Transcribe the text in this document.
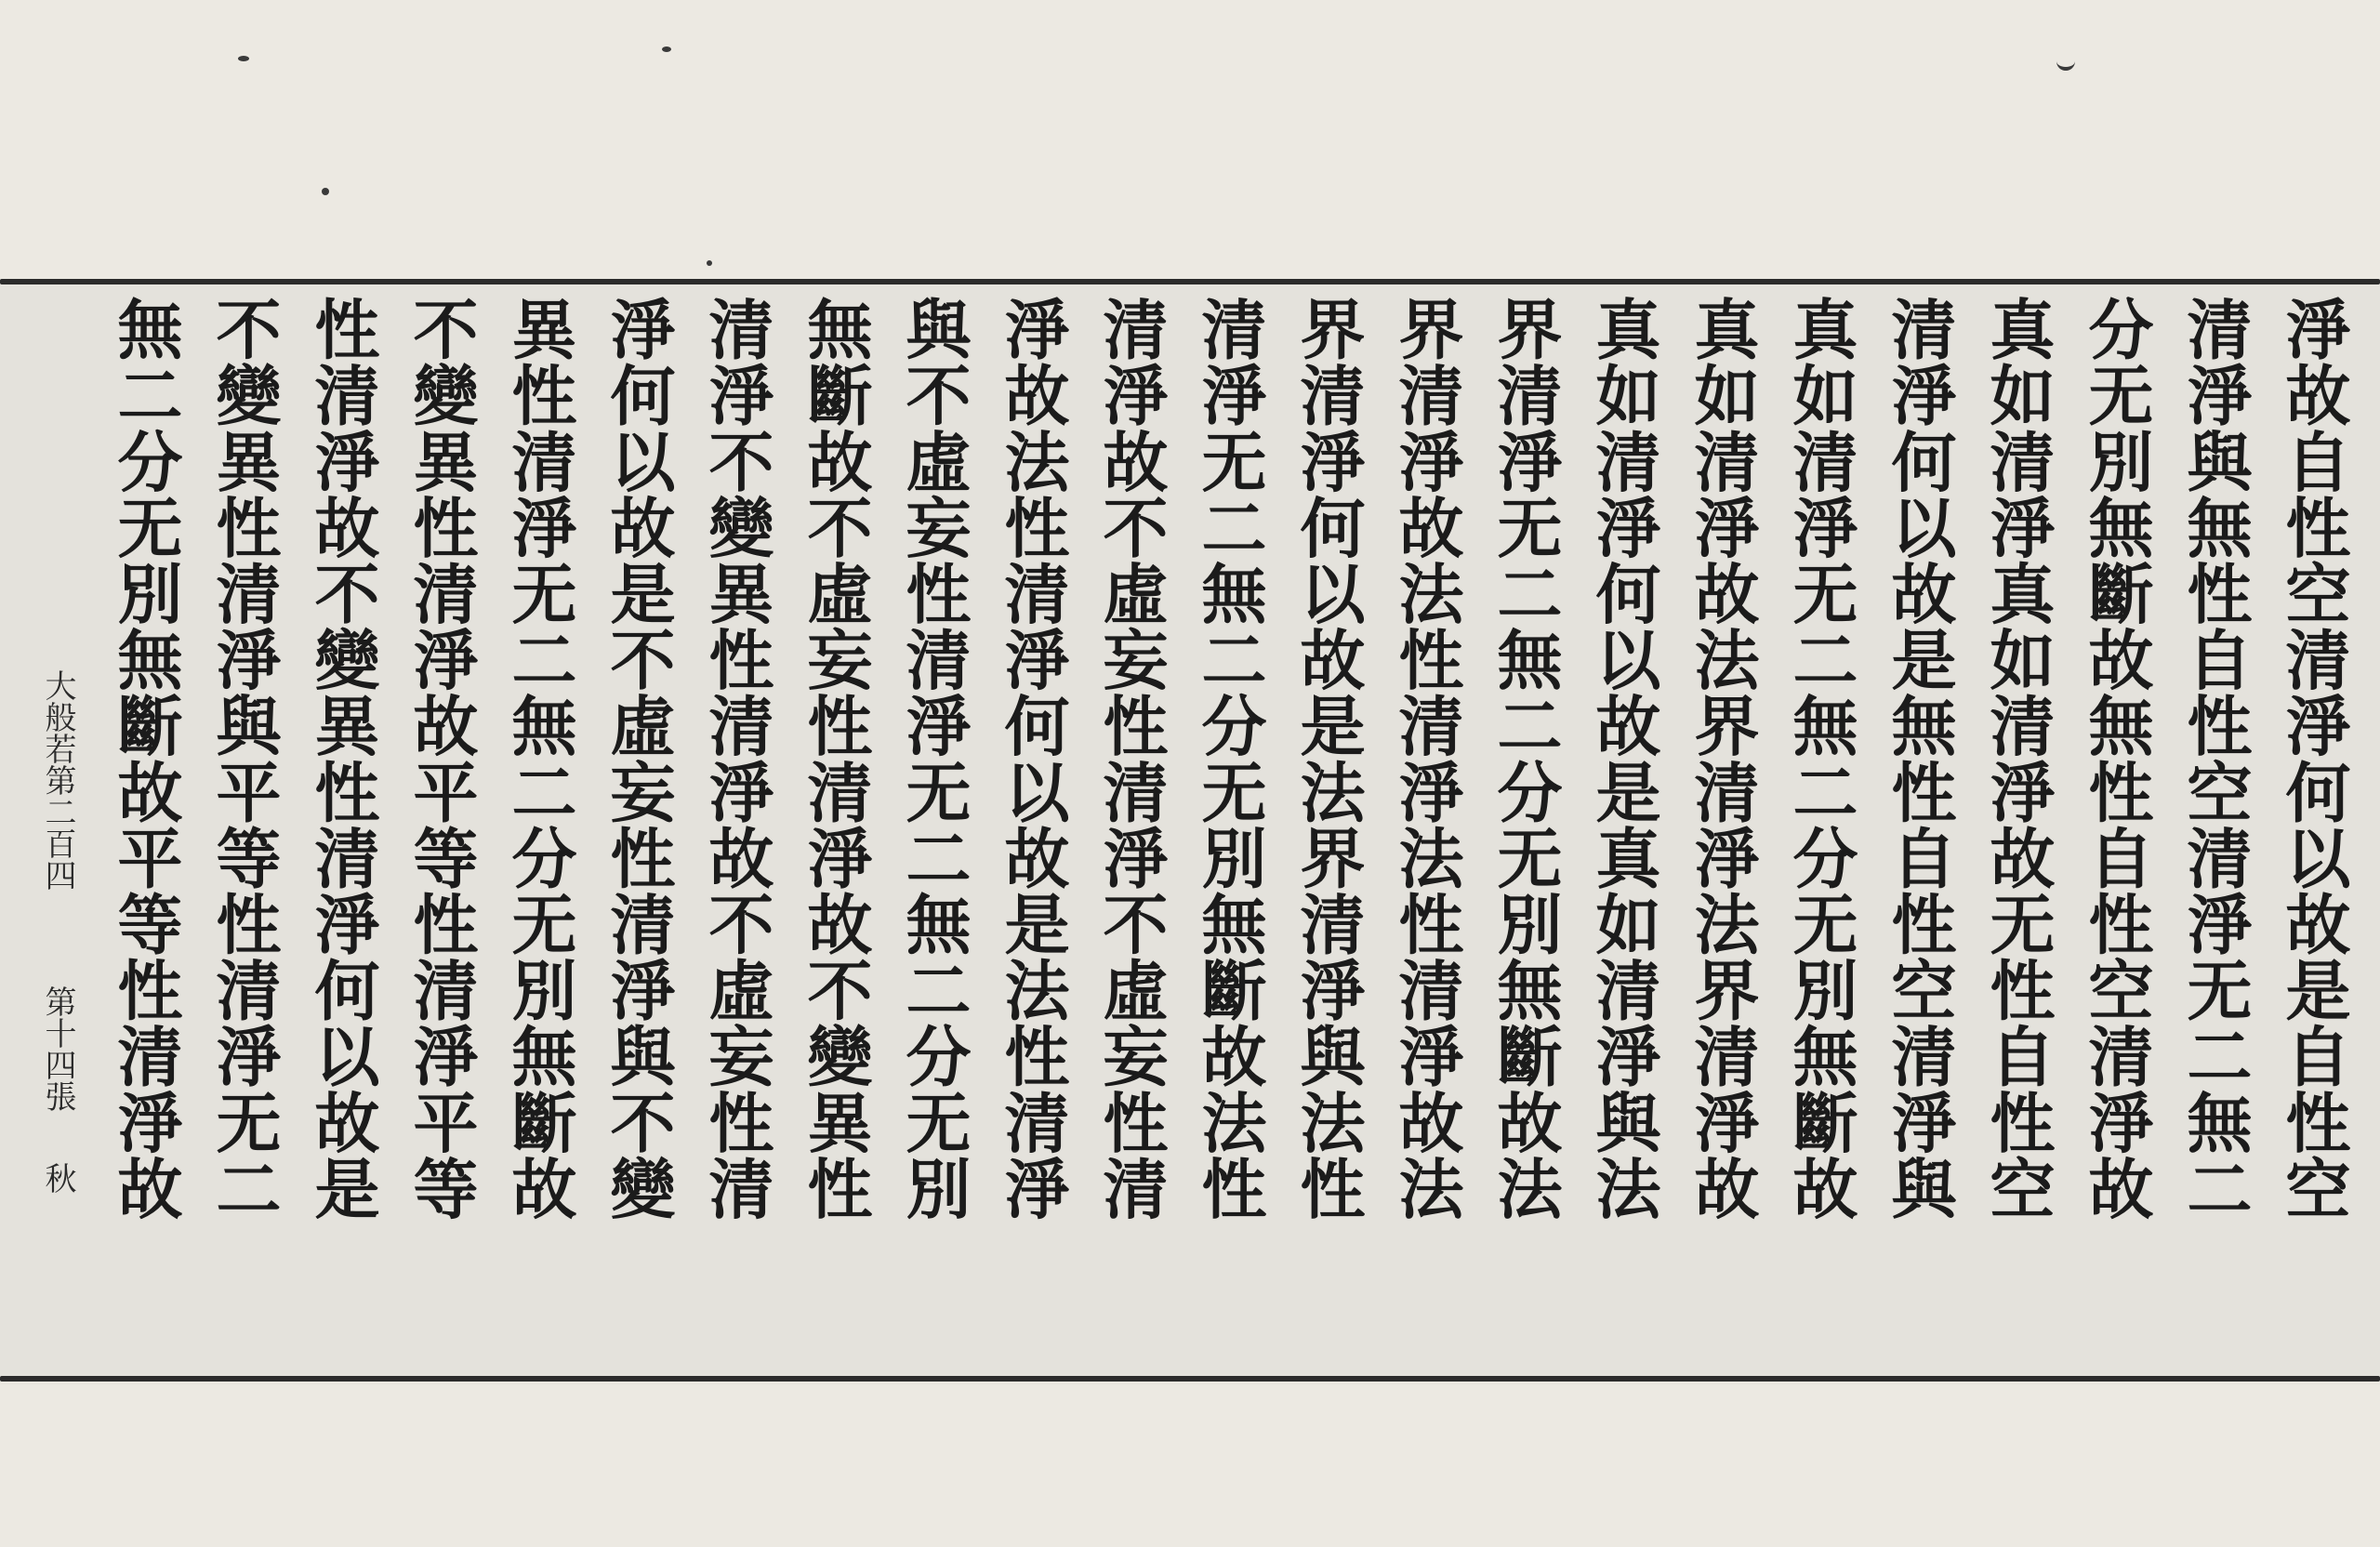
淨故自性空清淨何以故是自性空
清淨與無性自性空清淨无二無二
分无別無斷故無性自性空清淨故
真如清淨真如清淨故无性自性空
清淨何以故是無性自性空清淨與
真如清淨无二無二分无別無斷故
真如清淨故法界清淨法界清淨故
真如清淨何以故是真如清淨與法
界清淨无二無二分无別無斷故法
界清淨故法性清淨法性清淨故法
界清淨何以故是法界清淨與法性
清淨无二無二分无別無斷故法性
清淨故不虛妄性清淨不虛妄性清
淨故法性清淨何以故是法性清淨
與不虛妄性清淨无二無二分无別
無斷故不虛妄性清淨故不變異性
清淨不變異性清淨故不虛妄性清
淨何以故是不虛妄性清淨與不變
異性清淨无二無二分无別無斷故
不變異性清淨故平等性清淨平等
性清淨故不變異性清淨何以故是
不變異性清淨與平等性清淨无二
無二分无別無斷故平等性清淨故
大般若第二百四
第十四張
秋
